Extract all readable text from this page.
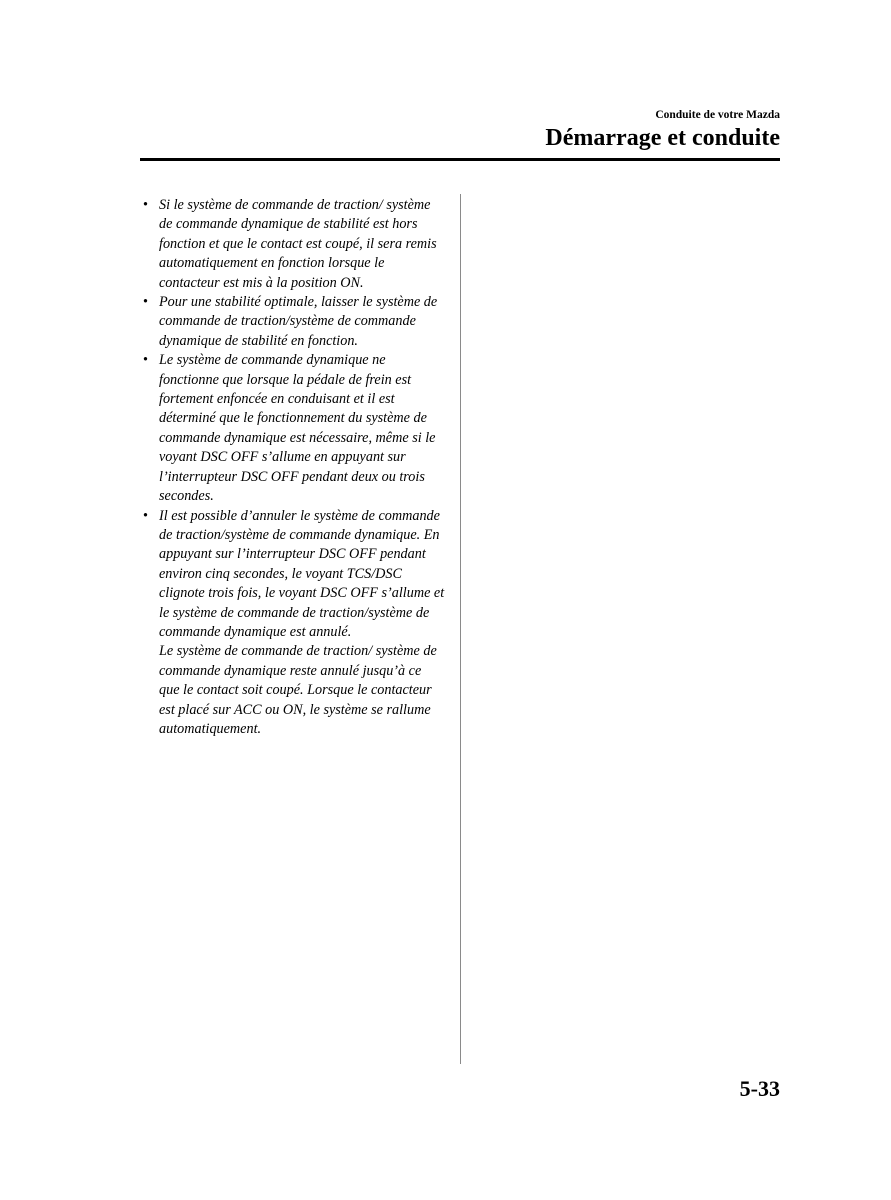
Conduite de votre Mazda
Démarrage et conduite
• Si le système de commande de traction/ système de commande dynamique de stabilité est hors fonction et que le contact est coupé, il sera remis automatiquement en fonction lorsque le contacteur est mis à la position ON.
• Pour une stabilité optimale, laisser le système de commande de traction/système de commande dynamique de stabilité en fonction.
• Le système de commande dynamique ne fonctionne que lorsque la pédale de frein est fortement enfoncée en conduisant et il est déterminé que le fonctionnement du système de commande dynamique est nécessaire, même si le voyant DSC OFF s’allume en appuyant sur l’interrupteur DSC OFF pendant deux ou trois secondes.
• Il est possible d’annuler le système de commande de traction/système de commande dynamique. En appuyant sur l’interrupteur DSC OFF pendant environ cinq secondes, le voyant TCS/DSC clignote trois fois, le voyant DSC OFF s’allume et le système de commande de traction/système de commande dynamique est annulé.
Le système de commande de traction/ système de commande dynamique reste annulé jusqu’à ce que le contact soit coupé. Lorsque le contacteur est placé sur ACC ou ON, le système se rallume automatiquement.
5-33
